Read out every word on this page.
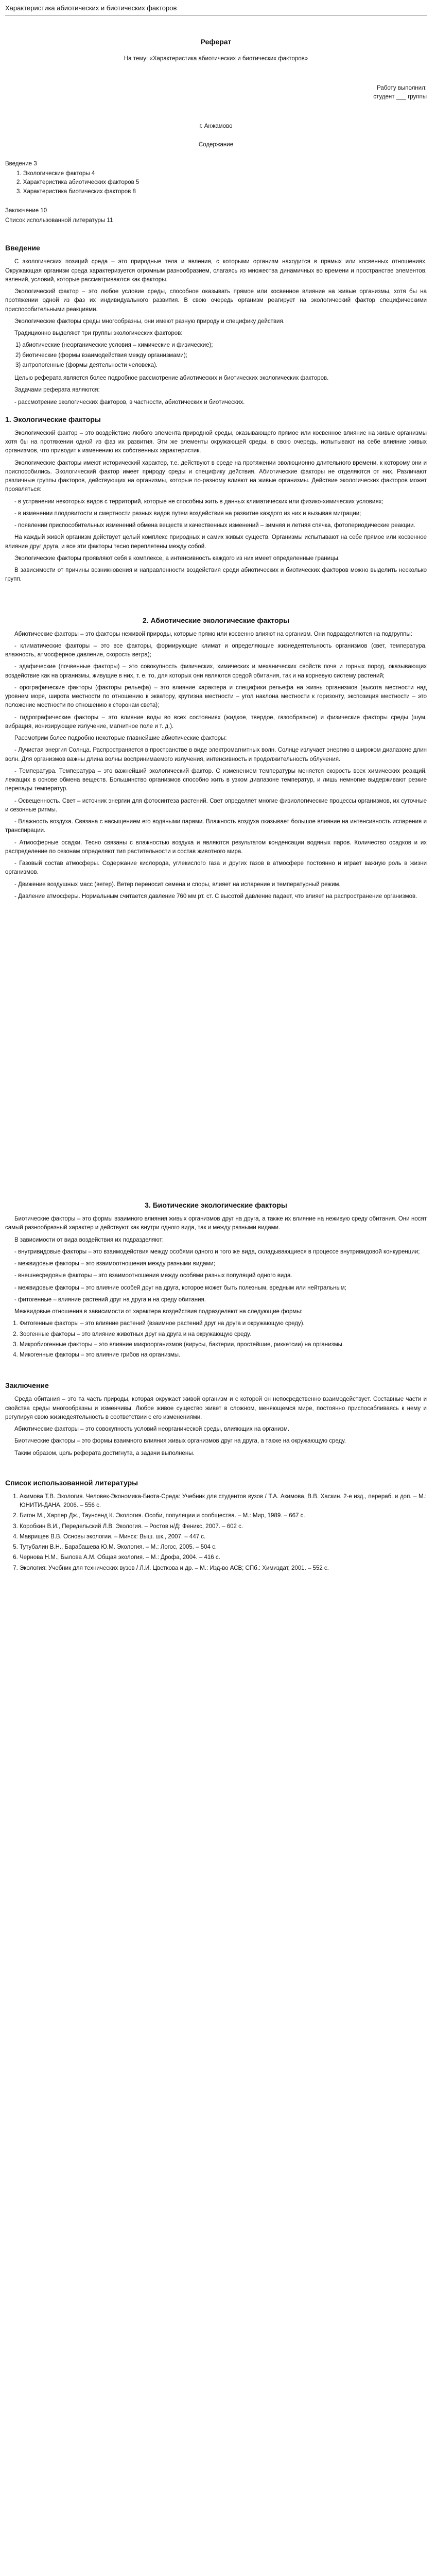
Характеристика абиотических и биотических факторов
Реферат
На тему: «Характеристика абиотических и биотических факторов»
Работу выполнил:
студент ___ группы
г. Анжамово
Содержание
Введение 3
1. Экологические факторы 4
2. Характеристика абиотических факторов 5
3. Характеристика биотических факторов 8
Заключение 10
Список использованной литературы 11
Введение

С экологических позиций среда – это природные тела и явления, с которыми организм находится в прямых или косвенных отношениях. Окружающая организм среда характеризуется огромным разнообразием, слагаясь из множества динамичных во времени и пространстве элементов, явлений, условий, которые рассматриваются как факторы.

Экологический фактор – это любое условие среды, способное оказывать прямое или косвенное влияние на живые организмы, хотя бы на протяжении одной из фаз их индивидуального развития. В свою очередь организм реагирует на экологический фактор специфическими приспособительными реакциями.

Экологические факторы среды многообразны, они имеют разную природу и специфику действия.

Традиционно выделяют три группы экологических факторов:

1) абиотические (неорганические условия – химические и физические);
2) биотические (формы взаимодействия между организмами);
3) антропогенные (формы деятельности человека).

Целью реферата является более подробное рассмотрение абиотических и биотических экологических факторов.

Задачами реферата являются:

- рассмотрение экологических факторов, в частности, абиотических и биотических.

1. Экологические факторы

Экологический фактор – это воздействие любого элемента природной среды, оказывающего прямое или косвенное влияние на живые организмы хотя бы на протяжении одной из фаз их развития. Эти же элементы окружающей среды, в свою очередь, испытывают на себе влияние живых организмов, что приводит к изменению их собственных характеристик.

Экологические факторы имеют исторический характер, т.е. действуют в среде на протяжении эволюционно длительного времени, к которому они и приспособились. Экологический фактор имеет природу среды и специфику действия. Абиотические факторы не отделяются от них. Различают различные группы факторов, действующих на организмы, которые по-разному влияют на живые организмы. Действие экологических факторов может проявляться:

- в устранении некоторых видов с территорий, которые не способны жить в данных климатических или физико-химических условиях;

- в изменении плодовитости и смертности разных видов путем воздействия на развитие каждого из них и вызывая миграции;

- появлении приспособительных изменений обмена веществ и качественных изменений – зимняя и летняя спячка, фотопериодические реакции.

На каждый живой организм действует целый комплекс природных и самих живых существ. Организмы испытывают на себе прямое или косвенное влияние друг друга, и все эти факторы тесно переплетены между собой.

Экологические факторы проявляют себя в комплексе, а интенсивность каждого из них имеет определенные границы.

В зависимости от причины возникновения и направленности воздействия среди абиотических и биотических факторов можно выделить несколько групп.

2. Абиотические экологические факторы

Абиотические факторы – это факторы неживой природы, которые прямо или косвенно влияют на организм. Они подразделяются на подгруппы:

- климатические факторы – это все факторы, формирующие климат и определяющие жизнедеятельность организмов (свет, температура, влажность, атмосферное давление, скорость ветра);

- эдафические (почвенные факторы) – это совокупность физических, химических и механических свойств почв и горных пород, оказывающих воздействие как на организмы, живущие в них, т. е. то, для которых они являются средой обитания, так и на корневую систему растений;

- орографические факторы (факторы рельефа) – это влияние характера и специфики рельефа на жизнь организмов (высота местности над уровнем моря, широта местности по отношению к экватору, крутизна местности – угол наклона местности к горизонту, экспозиция местности – это положение местности по отношению к сторонам света);

- гидрографические факторы – это влияние воды во всех состояниях (жидкое, твердое, газообразное) и физические факторы среды (шум, вибрация, ионизирующее излучение, магнитное поле и т. д.).

Рассмотрим более подробно некоторые главнейшие абиотические факторы:

- Лучистая энергия Солнца. Распространяется в пространстве в виде электромагнитных волн. Солнце излучает энергию в широком диапазоне длин волн. Для организмов важны длина волны воспринимаемого излучения, интенсивность и продолжительность облучения.

- Температура. Температура – это важнейший экологический фактор. С изменением температуры меняется скорость всех химических реакций, лежащих в основе обмена веществ. Большинство организмов способно жить в узком диапазоне температур, и лишь немногие выдерживают резкие перепады температур.

- Освещенность. Свет – источник энергии для фотосинтеза растений. Свет определяет многие физиологические процессы организмов, их суточные и сезонные ритмы.

- Влажность воздуха. Связана с насыщением его водяными парами. Влажность воздуха оказывает большое влияние на интенсивность испарения и транспирации.

- Атмосферные осадки. Тесно связаны с влажностью воздуха и являются результатом конденсации водяных паров. Количество осадков и их распределение по сезонам определяют тип растительности и состав животного мира.

- Газовый состав атмосферы. Содержание кислорода, углекислого газа и других газов в атмосфере постоянно и играет важную роль в жизни организмов.

- Движение воздушных масс (ветер). Ветер переносит семена и споры, влияет на испарение и температурный режим.

- Давление атмосферы. Нормальным считается давление 760 мм рт. ст. С высотой давление падает, что влияет на распространение организмов.

3. Биотические экологические факторы

Биотические факторы – это формы взаимного влияния живых организмов друг на друга, а также их влияние на неживую среду обитания. Они носят самый разнообразный характер и действуют как внутри одного вида, так и между разными видами.

В зависимости от вида воздействия их подразделяют:

- внутривидовые факторы – это взаимодействия между особями одного и того же вида, складывающиеся в процессе внутривидовой конкуренции;

- межвидовые факторы – это взаимоотношения между разными видами;

- внешнесредовые факторы – это взаимоотношения между особями разных популяций одного вида.

- межвидовые факторы – это влияние особей друг на друга, которое может быть полезным, вредным или нейтральным;

- фитогенные – влияние растений друг на друга и на среду обитания.

Межвидовые отношения в зависимости от характера воздействия подразделяют на следующие формы:

1. Фитогенные факторы – это влияние растений (взаимное растений друг на друга и окружающую среду).
2. Зоогенные факторы – это влияние животных друг на друга и на окружающую среду.
3. Микробиогенные факторы – это влияние микроорганизмов (вирусы, бактерии, простейшие, риккетсии) на организмы.
4. Микогенные факторы – это влияние грибов на организмы.
Заключение

Среда обитания – это та часть природы, которая окружает живой организм и с которой он непосредственно взаимодействует. Составные части и свойства среды многообразны и изменчивы. Любое живое существо живет в сложном, меняющемся мире, постоянно приспосабливаясь к нему и регулируя свою жизнедеятельность в соответствии с его изменениями.

Абиотические факторы – это совокупность условий неорганической среды, влияющих на организм.

Биотические факторы – это формы взаимного влияния живых организмов друг на друга, а также на окружающую среду.

Таким образом, цель реферата достигнута, а задачи выполнены.

Список использованной литературы
1. Акимова Т.В. Экология. Человек-Экономика-Биота-Среда: Учебник для студентов вузов / Т.А. Акимова, В.В. Хаскин. 2-е изд., перераб. и доп. – М.: ЮНИТИ-ДАНА, 2006. – 556 с.
2. Бигон М., Харпер Дж., Таунсенд К. Экология. Особи, популяции и сообщества. – М.: Мир, 1989. – 667 с.
3. Коробкин В.И., Передельский Л.В. Экология. – Ростов н/Д: Феникс, 2007. – 602 с.
4. Маврищев В.В. Основы экологии. – Минск: Выш. шк., 2007. – 447 с.
5. Тутубалин В.Н., Барабашева Ю.М. Экология. – М.: Логос, 2005. – 504 с.
6. Чернова Н.М., Былова А.М. Общая экология. – М.: Дрофа, 2004. – 416 с.
7. Экология: Учебник для технических вузов / Л.И. Цветкова и др. – М.: Изд-во АСВ; СПб.: Химиздат, 2001. – 552 с.
